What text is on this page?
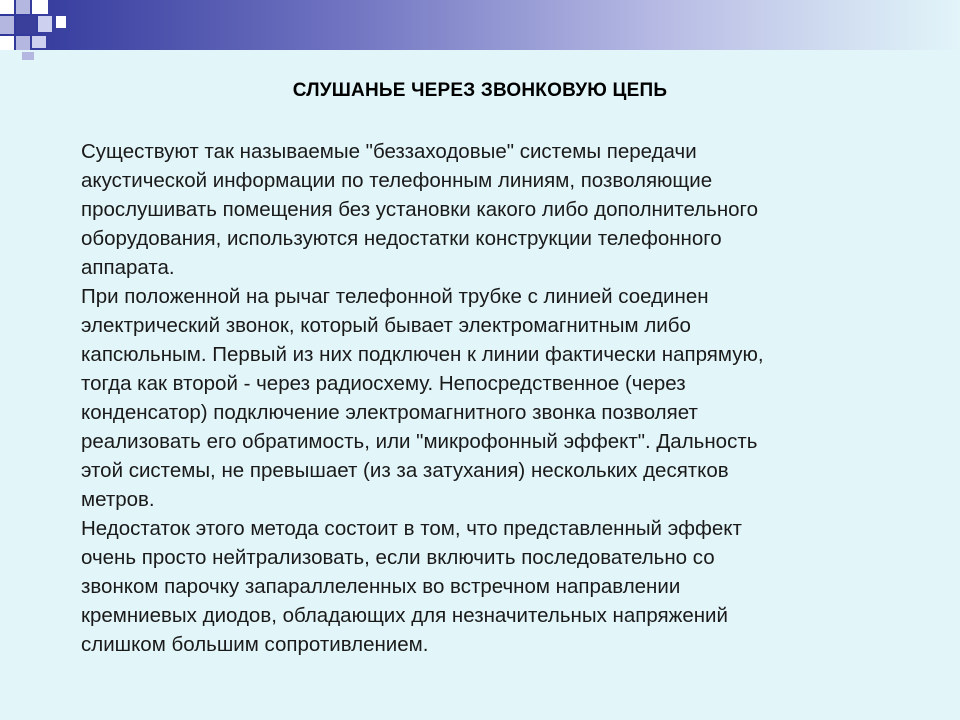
СЛУШАНЬЕ ЧЕРЕЗ ЗВОНКОВУЮ ЦЕПЬ

Существуют так называемые "беззаходовые" системы передачи
акустической информации по телефонным линиям, позволяющие
прослушивать помещения без установки какого либо дополнительного
оборудования, используются недостатки конструкции телефонного
аппарата.

При положенной на рычаг телефонной трубке с линией соединен
электрический звонок, который бывает электромагнитным либо
капсюльным. Первый из них подключен к линии фактически напрямую,
тогда как второй - через радиосхему. Непосредственное (через
конденсатор) подключение электромагнитного звонка позволяет
реализовать его обратимость, или "микрофонный эффект". Дальность
этой системы, не превышает (из за затухания) нескольких десятков
метров.

Недостаток этого метода состоит в том, что представленный эффект
очень просто нейтрализовать, если включить последовательно со
звонком парочку запараллеленных во встречном направлении
кремниевых диодов, обладающих для незначительных напряжений
слишком большим сопротивлением.
